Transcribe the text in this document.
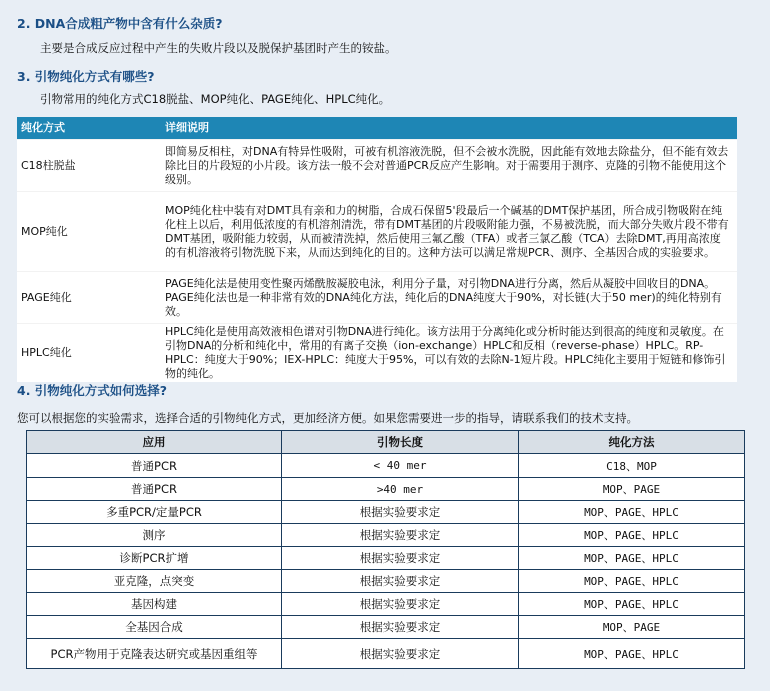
2. DNA合成粗产物中含有什么杂质?
主要是合成反应过程中产生的失败片段以及脱保护基团时产生的铵盐。
3. 引物纯化方式有哪些?
引物常用的纯化方式C18脱盐、MOP纯化、PAGE纯化、HPLC纯化。
纯化方式	详细说明
C18柱脱盐	即简易反相柱，对DNA有特异性吸附，可被有机溶液洗脱，但不会被水洗脱，因此能有效地去除盐分，但不能有效去除比目的片段短的小片段。该方法一般不会对普通PCR反应产生影响。对于需要用于测序、克隆的引物不能使用这个级别。
MOP纯化	MOP纯化柱中装有对DMT具有亲和力的树脂，合成石保留5'段最后一个碱基的DMT保护基团，所合成引物吸附在纯化柱上以后，利用低浓度的有机溶剂清洗，带有DMT基团的片段吸附能力强，不易被洗脱，而大部分失败片段不带有DMT基团，吸附能力较弱，从而被清洗掉，然后使用三氟乙酸（TFA）或者三氯乙酸（TCA）去除DMT,再用高浓度的有机溶液将引物洗脱下来，从而达到纯化的目的。这种方法可以满足常规PCR、测序、全基因合成的实验要求。
PAGE纯化	PAGE纯化法是使用变性聚丙烯酰胺凝胶电泳，利用分子量，对引物DNA进行分离，然后从凝胶中回收目的DNA。PAGE纯化法也是一种非常有效的DNA纯化方法，纯化后的DNA纯度大于90%，对长链(大于50 mer)的纯化特别有效。
HPLC纯化	HPLC纯化是使用高效液相色谱对引物DNA进行纯化。该方法用于分离纯化或分析时能达到很高的纯度和灵敏度。在引物DNA的分析和纯化中，常用的有离子交换（ion-exchange）HPLC和反相（reverse-phase）HPLC。RP- HPLC：纯度大于90%；IEX-HPLC：纯度大于95%，可以有效的去除N-1短片段。HPLC纯化主要用于短链和修饰引物的纯化。
4. 引物纯化方式如何选择?
您可以根据您的实验需求，选择合适的引物纯化方式，更加经济方便。如果您需要进一步的指导，请联系我们的技术支持。
应用	引物长度	纯化方法
普通PCR	< 40 mer	C18、MOP
普通PCR	>40 mer	MOP、PAGE
多重PCR/定量PCR	根据实验要求定	MOP、PAGE、HPLC
测序	根据实验要求定	MOP、PAGE、HPLC
诊断PCR扩增	根据实验要求定	MOP、PAGE、HPLC
亚克隆，点突变	根据实验要求定	MOP、PAGE、HPLC
基因构建	根据实验要求定	MOP、PAGE、HPLC
全基因合成	根据实验要求定	MOP、PAGE
PCR产物用于克隆表达研究或基因重组等	根据实验要求定	MOP、PAGE、HPLC
